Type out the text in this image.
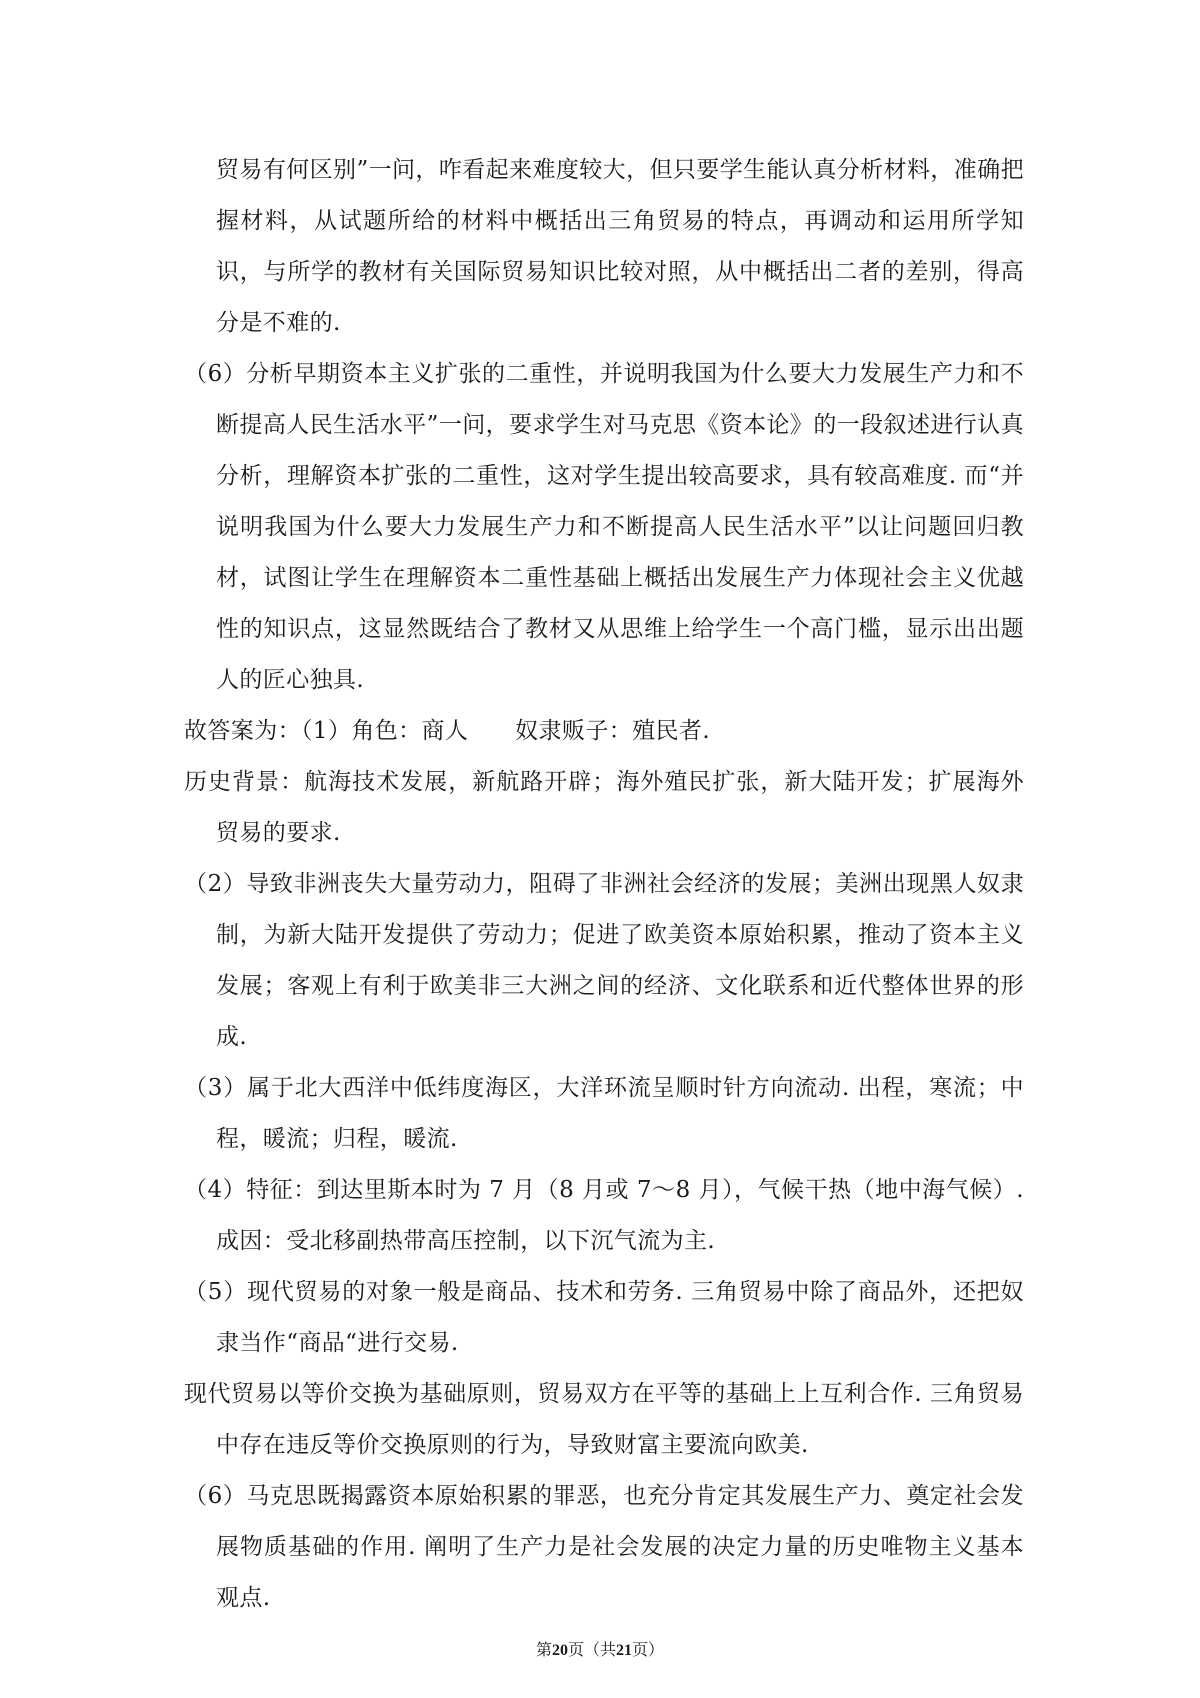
贸易有何区别”一问，咋看起来难度较大，但只要学生能认真分析材料，准确把握材料，从试题所给的材料中概括出三角贸易的特点，再调动和运用所学知识，与所学的教材有关国际贸易知识比较对照，从中概括出二者的差别，得高分是不难的.

（6）分析早期资本主义扩张的二重性，并说明我国为什么要大力发展生产力和不断提高人民生活水平”一问，要求学生对马克思《资本论》的一段叙述进行认真分析，理解资本扩张的二重性，这对学生提出较高要求，具有较高难度. 而“并说明我国为什么要大力发展生产力和不断提高人民生活水平”以让问题回归教材，试图让学生在理解资本二重性基础上概括出发展生产力体现社会主义优越性的知识点，这显然既结合了教材又从思维上给学生一个高门槛，显示出出题人的匠心独具.

故答案为：（1）角色：商人　　奴隶贩子：殖民者.

历史背景：航海技术发展，新航路开辟；海外殖民扩张，新大陆开发；扩展海外贸易的要求.

（2）导致非洲丧失大量劳动力，阻碍了非洲社会经济的发展；美洲出现黑人奴隶制，为新大陆开发提供了劳动力；促进了欧美资本原始积累，推动了资本主义发展；客观上有利于欧美非三大洲之间的经济、文化联系和近代整体世界的形成.

（3）属于北大西洋中低纬度海区，大洋环流呈顺时针方向流动. 出程，寒流；中程，暖流；归程，暖流.

（4）特征：到达里斯本时为 7 月（8 月或 7～8 月），气候干热（地中海气候）. 成因：受北移副热带高压控制，以下沉气流为主.

（5）现代贸易的对象一般是商品、技术和劳务. 三角贸易中除了商品外，还把奴隶当作“商品“进行交易.

现代贸易以等价交换为基础原则，贸易双方在平等的基础上上互利合作. 三角贸易中存在违反等价交换原则的行为，导致财富主要流向欧美.

（6）马克思既揭露资本原始积累的罪恶，也充分肯定其发展生产力、奠定社会发展物质基础的作用. 阐明了生产力是社会发展的决定力量的历史唯物主义基本观点.

第20页（共21页）
